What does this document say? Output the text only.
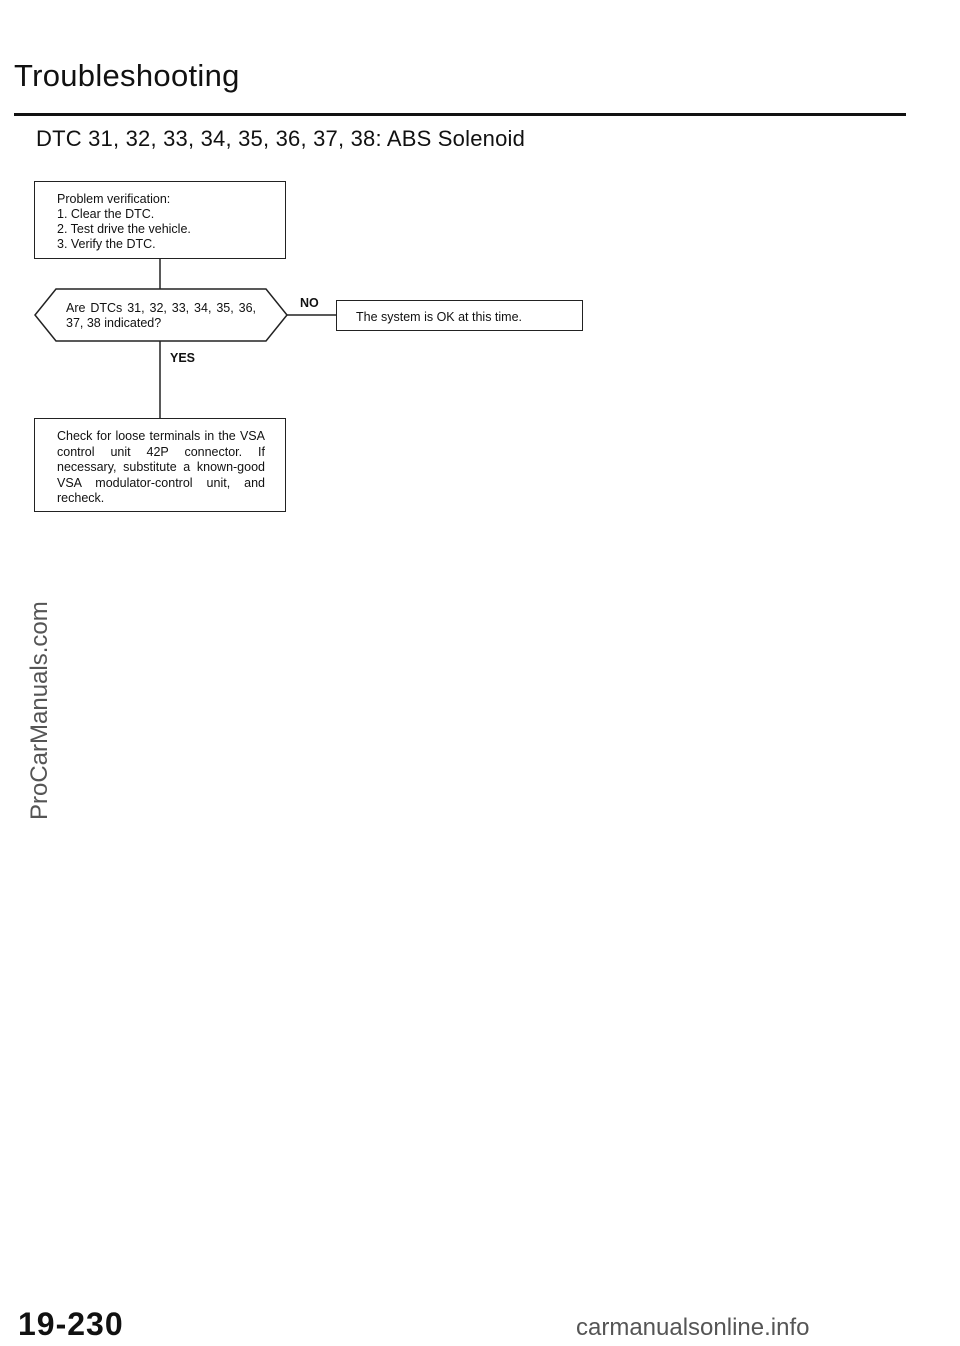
Troubleshooting
DTC 31, 32, 33, 34, 35, 36, 37, 38: ABS Solenoid
Problem verification:
1. Clear the DTC.
2. Test drive the vehicle.
3. Verify the DTC.
Are DTCs 31, 32, 33, 34, 35, 36, 37, 38 indicated?
NO
YES
The system is OK at this time.
Check for loose terminals in the VSA control unit 42P connector. If necessary, substitute a known-good VSA modulator-control unit, and recheck.
ProCarManuals.com
19-230	carmanualsonline.info
